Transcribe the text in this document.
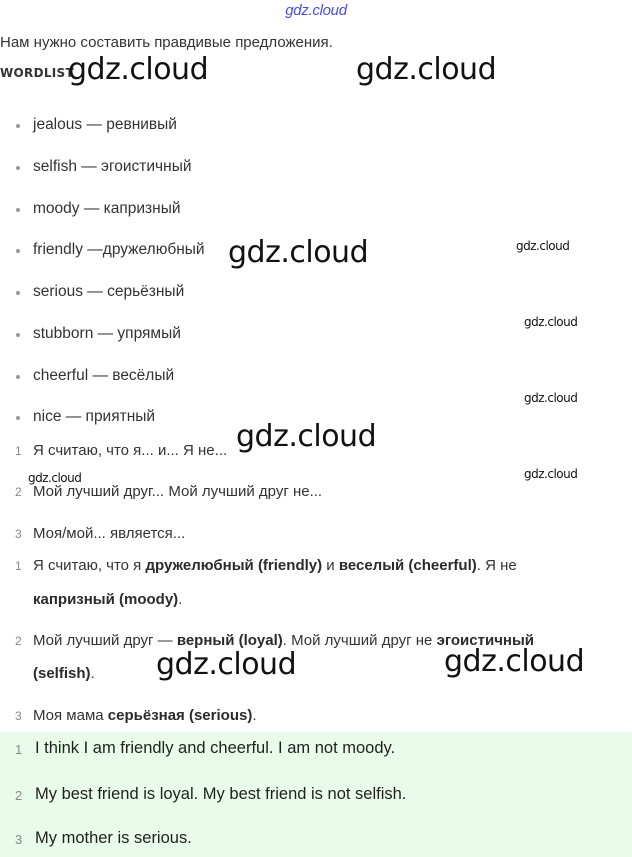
gdz.cloud
Нам нужно составить правдивые предложения.
WORDLIST
jealous — ревнивый
selfish — эгоистичный
moody — капризный
friendly —дружелюбный
serious — серьёзный
stubborn — упрямый
cheerful — весёлый
nice — приятный
1 Я считаю, что я... и... Я не...
2 Мой лучший друг... Мой лучший друг не...
3 Моя/мой... является...
1 Я считаю, что я дружелюбный (friendly) и веселый (cheerful). Я не
капризный (moody).
2 Мой лучший друг — верный (loyal). Мой лучший друг не эгоистичный
(selfish).
3 Моя мама серьёзная (serious).
1 I think I am friendly and cheerful. I am not moody.
2 My best friend is loyal. My best friend is not selfish.
3 My mother is serious.
gdz.cloud	gdz.cloud
gdz.cloud	gdz.cloud
gdz.cloud
gdz.cloud
gdz.cloud
gdz.cloud	gdz.cloud
gdz.cloud	gdz.cloud
